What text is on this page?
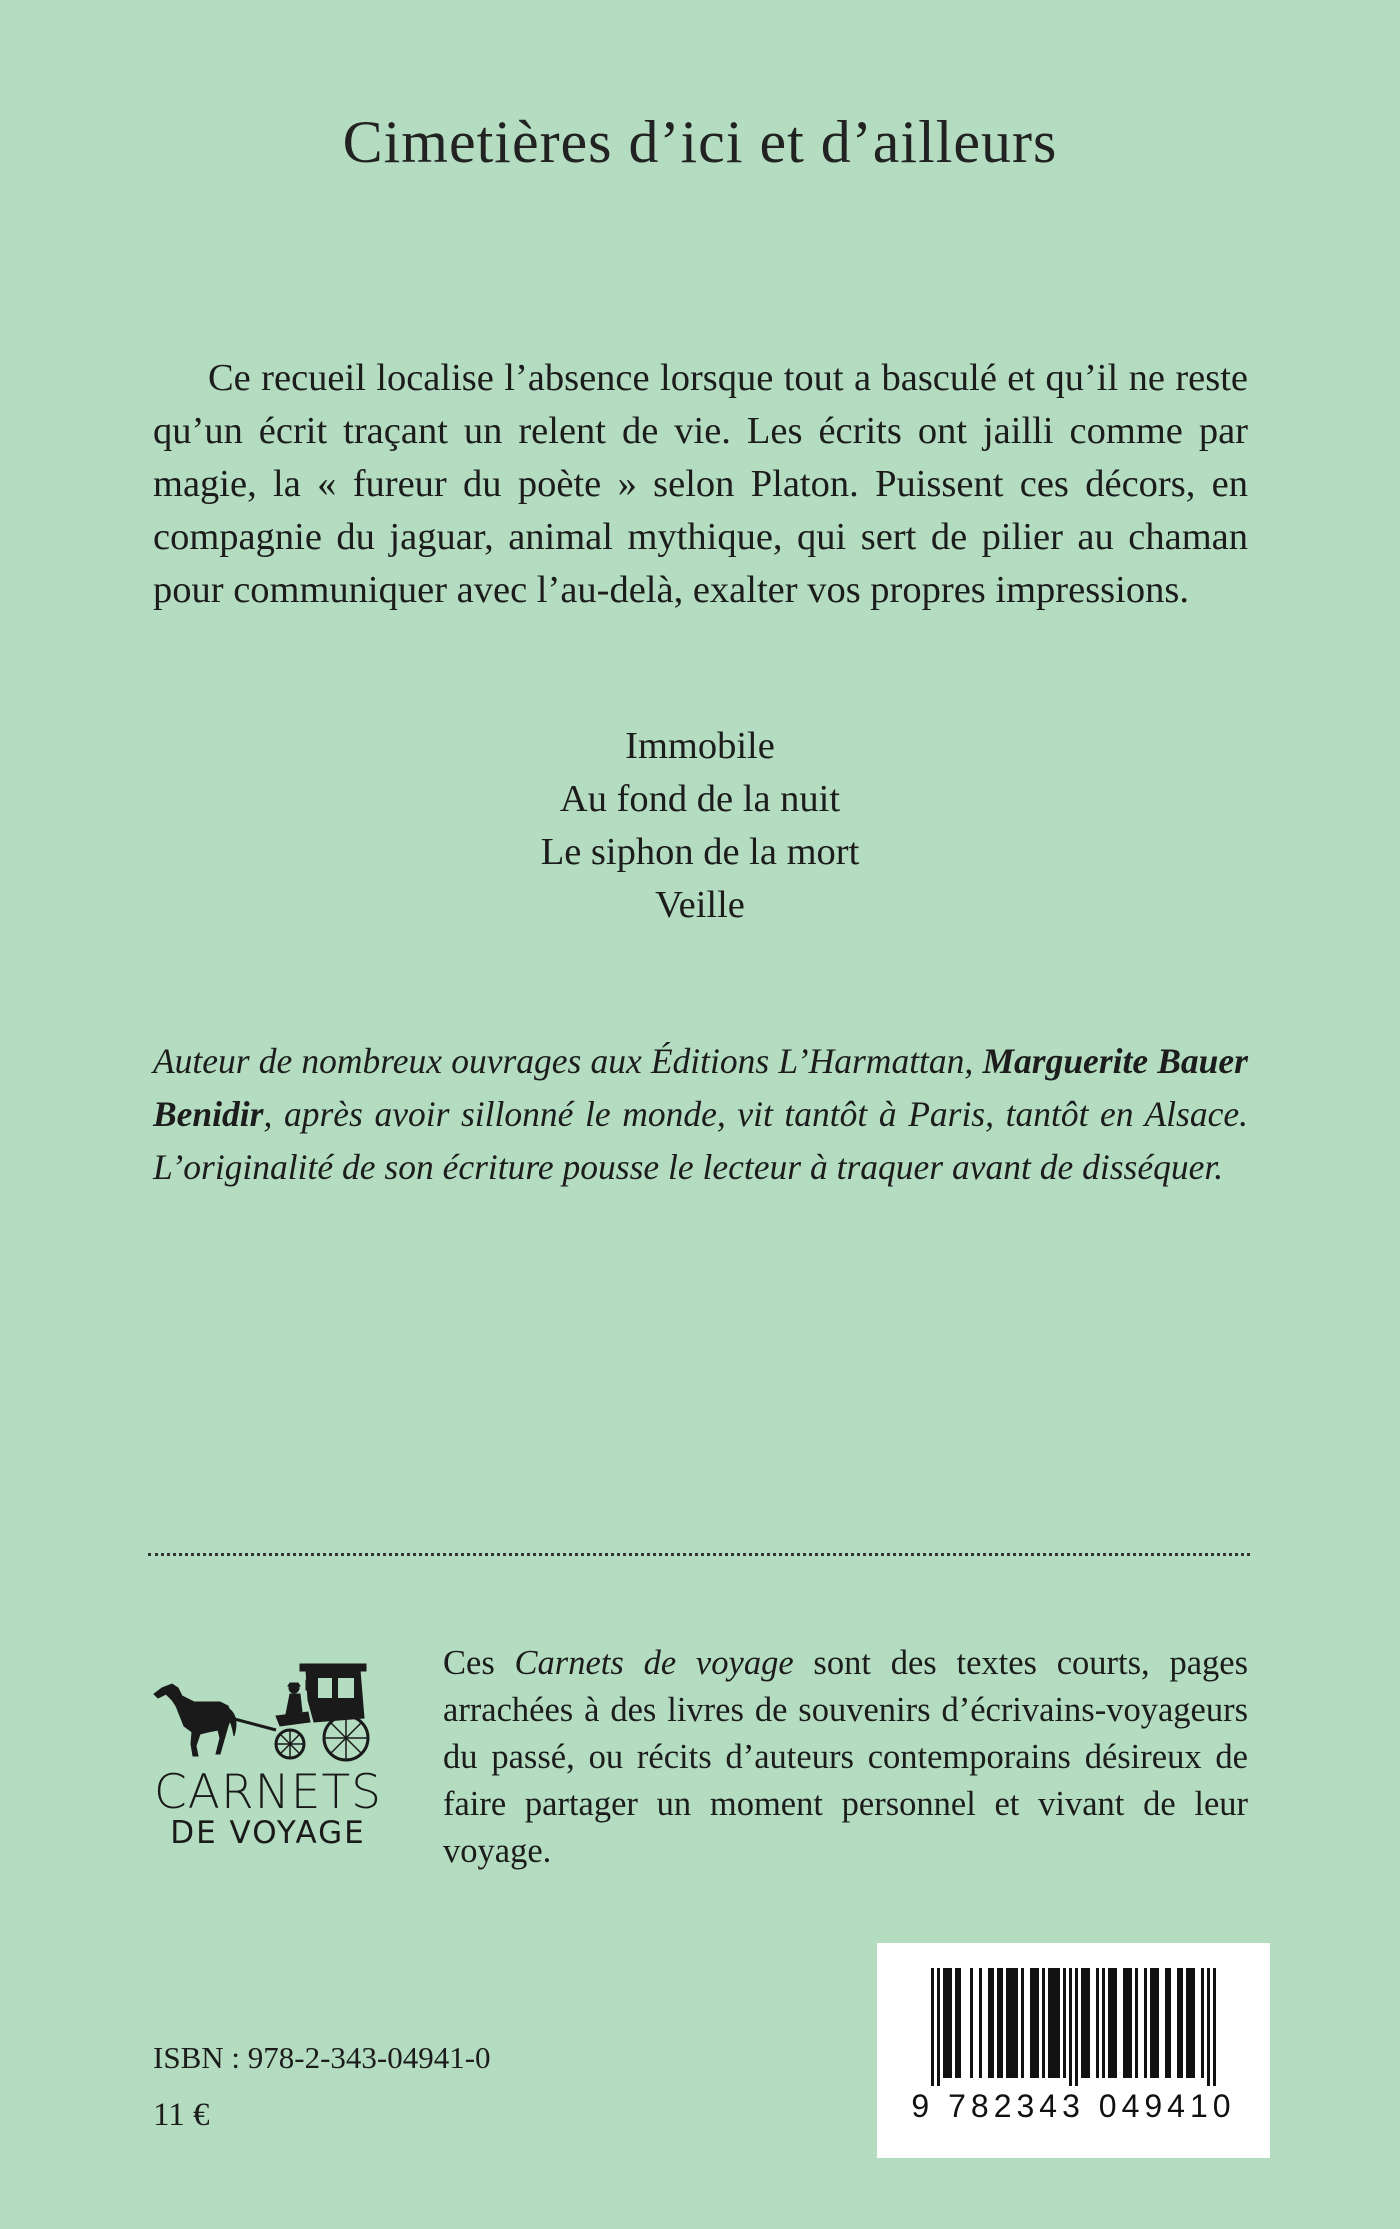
Cimetières d’ici et d’ailleurs

Ce recueil localise l’absence lorsque tout a basculé et qu’il ne reste qu’un écrit traçant un relent de vie. Les écrits ont jailli comme par magie, la « fureur du poète » selon Platon. Puissent ces décors, en compagnie du jaguar, animal mythique, qui sert de pilier au chaman pour communiquer avec l’au-delà, exalter vos propres impressions.

Immobile
Au fond de la nuit
Le siphon de la mort
Veille

Auteur de nombreux ouvrages aux Éditions L’Harmattan, Marguerite Bauer Benidir, après avoir sillonné le monde, vit tantôt à Paris, tantôt en Alsace. L’originalité de son écriture pousse le lecteur à traquer avant de disséquer.

CARNETS
DE VOYAGE

Ces Carnets de voyage sont des textes courts, pages arrachées à des livres de souvenirs d’écrivains-voyageurs du passé, ou récits d’auteurs contemporains désireux de faire partager un moment personnel et vivant de leur voyage.

ISBN : 978-2-343-04941-0
11 €	9 782343 049410
